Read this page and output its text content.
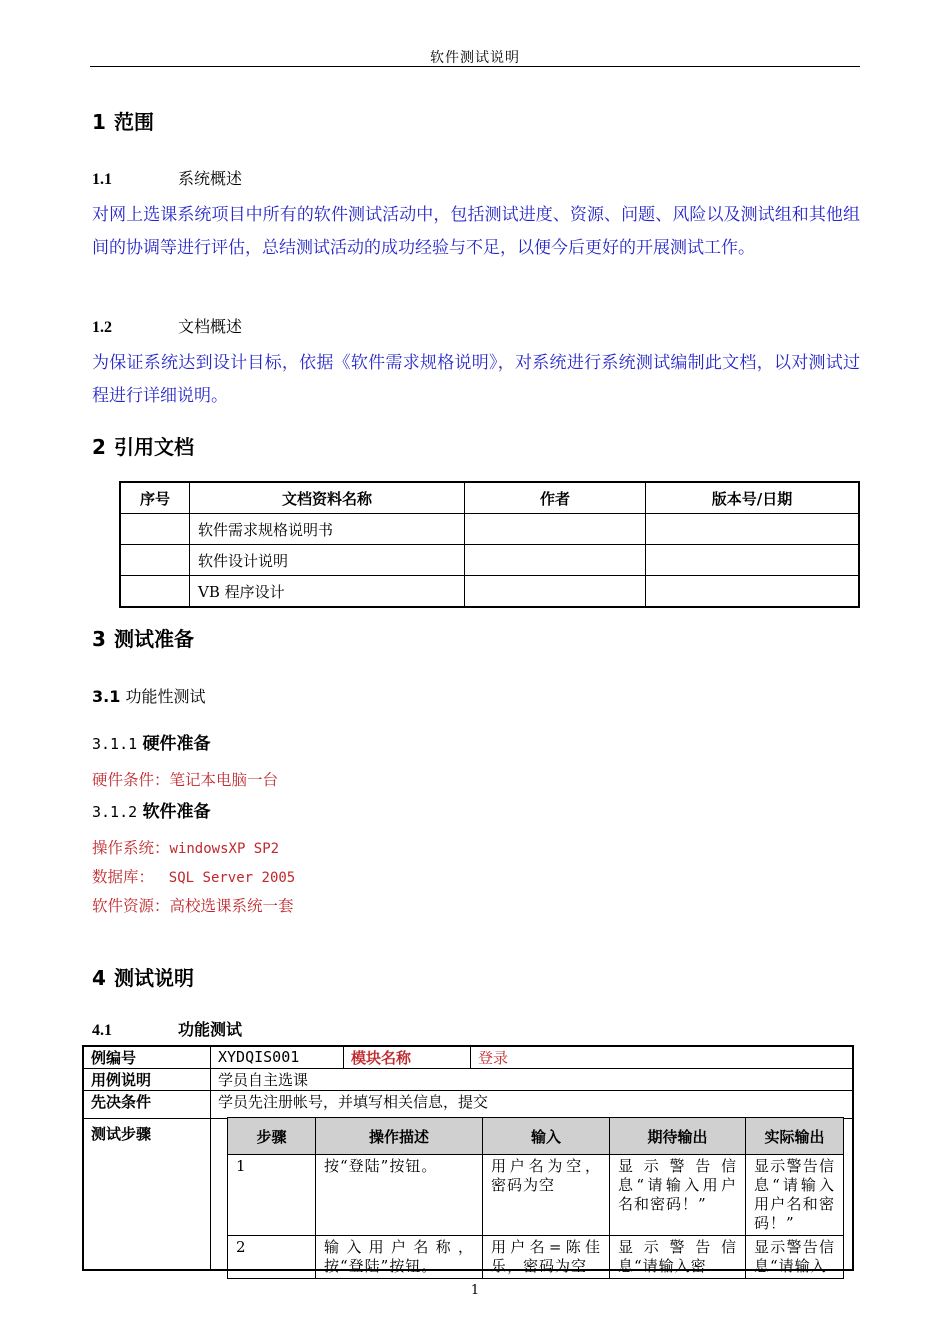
软件测试说明
1 范围
1.1	系统概述
对网上选课系统项目中所有的软件测试活动中，包括测试进度、资源、问题、风险以及测试组和其他组间的协调等进行评估，总结测试活动的成功经验与不足，以便今后更好的开展测试工作。
1.2	文档概述
为保证系统达到设计目标，依据《软件需求规格说明》，对系统进行系统测试编制此文档，以对测试过程进行详细说明。
2 引用文档
序号	文档资料名称	作者	版本号/日期
	软件需求规格说明书		
	软件设计说明		
	VB 程序设计		
3 测试准备
3.1 功能性测试
3.1.1 硬件准备
硬件条件：笔记本电脑一台
3.1.2 软件准备
操作系统：windowsXP SP2
数据库： SQL Server 2005
软件资源：高校选课系统一套
4 测试说明
4.1	功能测试
例编号	XYDQIS001	模块名称	登录
用例说明	学员自主选课		
先决条件	学员先注册帐号，并填写相关信息，提交		
测试步骤				步骤	操作描述	输入	期待输出	实际输出
1	按“登陆”按钮。	用户名为空，密码为空	显示警告信息“请输入用户名和密码！”	显示警告信息“请输入用户名和密码！”
2	输入用户名称，按“登陆”按钮。	用户名=陈佳乐，密码为空	显示警告信息“请输入密	显示警告信息“请输入
1
